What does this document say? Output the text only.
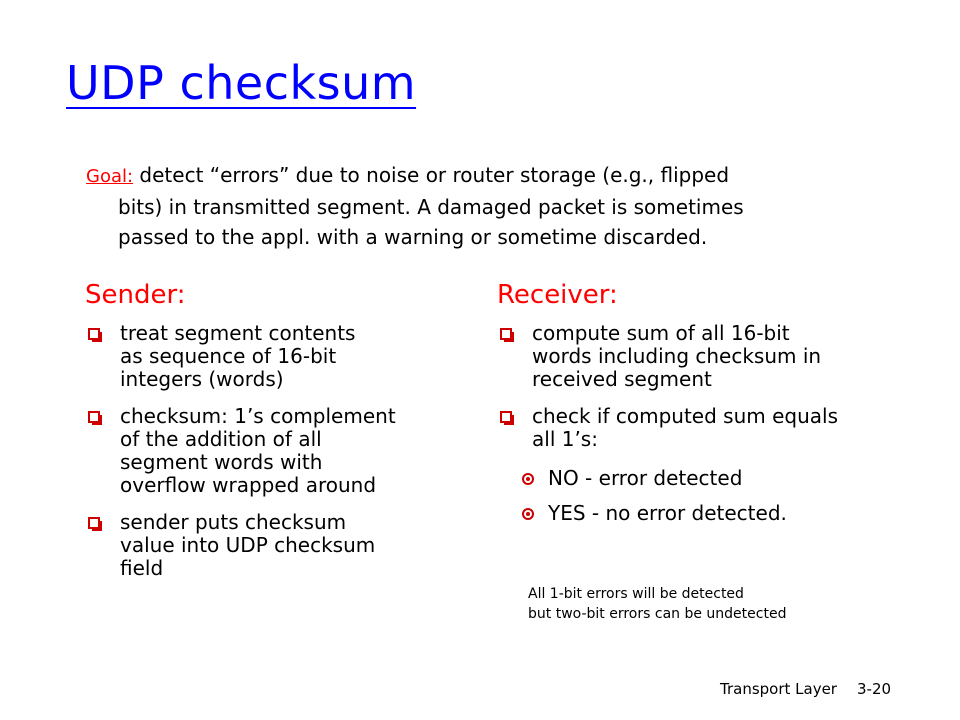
UDP checksum
Goal: detect “errors” due to noise or router storage (e.g., flipped
bits) in transmitted segment. A damaged packet is sometimes
passed to the appl. with a warning or sometime discarded.
Sender:	Receiver:
treat segment contents
as sequence of 16-bit
integers (words)
checksum: 1’s complement
of the addition of all
segment words with
overflow wrapped around
sender puts checksum
value into UDP checksum
field
compute sum of all 16-bit
words including checksum in
received segment
check if computed sum equals
all 1’s:
NO - error detected
YES - no error detected.
All 1-bit errors will be detected
but two-bit errors can be undetected
Transport Layer 3-20
